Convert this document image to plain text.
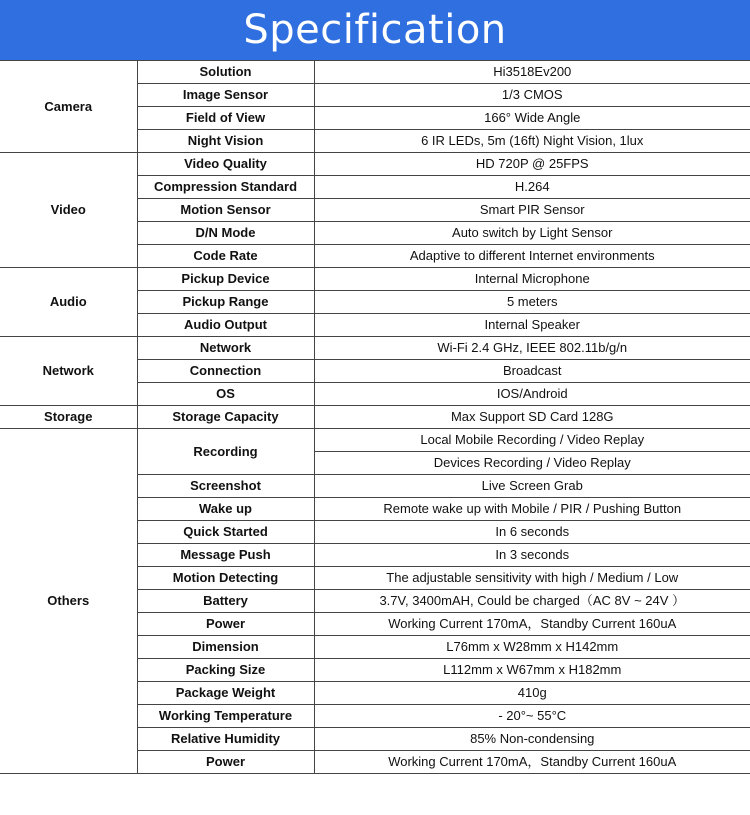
Specification
Camera	Solution	Hi3518Ev200
	Image Sensor	1/3 CMOS
	Field of View	166° Wide Angle
	Night Vision	6 IR LEDs, 5m (16ft) Night Vision, 1lux
Video	Video Quality	HD 720P @ 25FPS
	Compression Standard	H.264
	Motion Sensor	Smart PIR Sensor
	D/N Mode	Auto switch by Light Sensor
	Code Rate	Adaptive to different Internet environments
Audio	Pickup Device	Internal Microphone
	Pickup Range	5 meters
	Audio Output	Internal Speaker
Network	Network	Wi-Fi 2.4 GHz, IEEE 802.11b/g/n
	Connection	Broadcast
	OS	IOS/Android
Storage	Storage Capacity	Max Support SD Card 128G
Others	Recording	Local Mobile Recording / Video Replay
		Devices Recording / Video Replay
	Screenshot	Live Screen Grab
	Wake up	Remote wake up with Mobile / PIR / Pushing Button
	Quick Started	In 6 seconds
	Message Push	In 3 seconds
	Motion Detecting	The adjustable sensitivity with high / Medium / Low
	Battery	3.7V, 3400mAH, Could be charged（AC 8V ~ 24V ）
	Power	Working Current 170mA，Standby Current 160uA
	Dimension	L76mm x W28mm x H142mm
	Packing Size	L112mm x W67mm x H182mm
	Package Weight	410g
	Working Temperature	- 20°~ 55°C
	Relative Humidity	85% Non-condensing
	Power	Working Current 170mA，Standby Current 160uA
